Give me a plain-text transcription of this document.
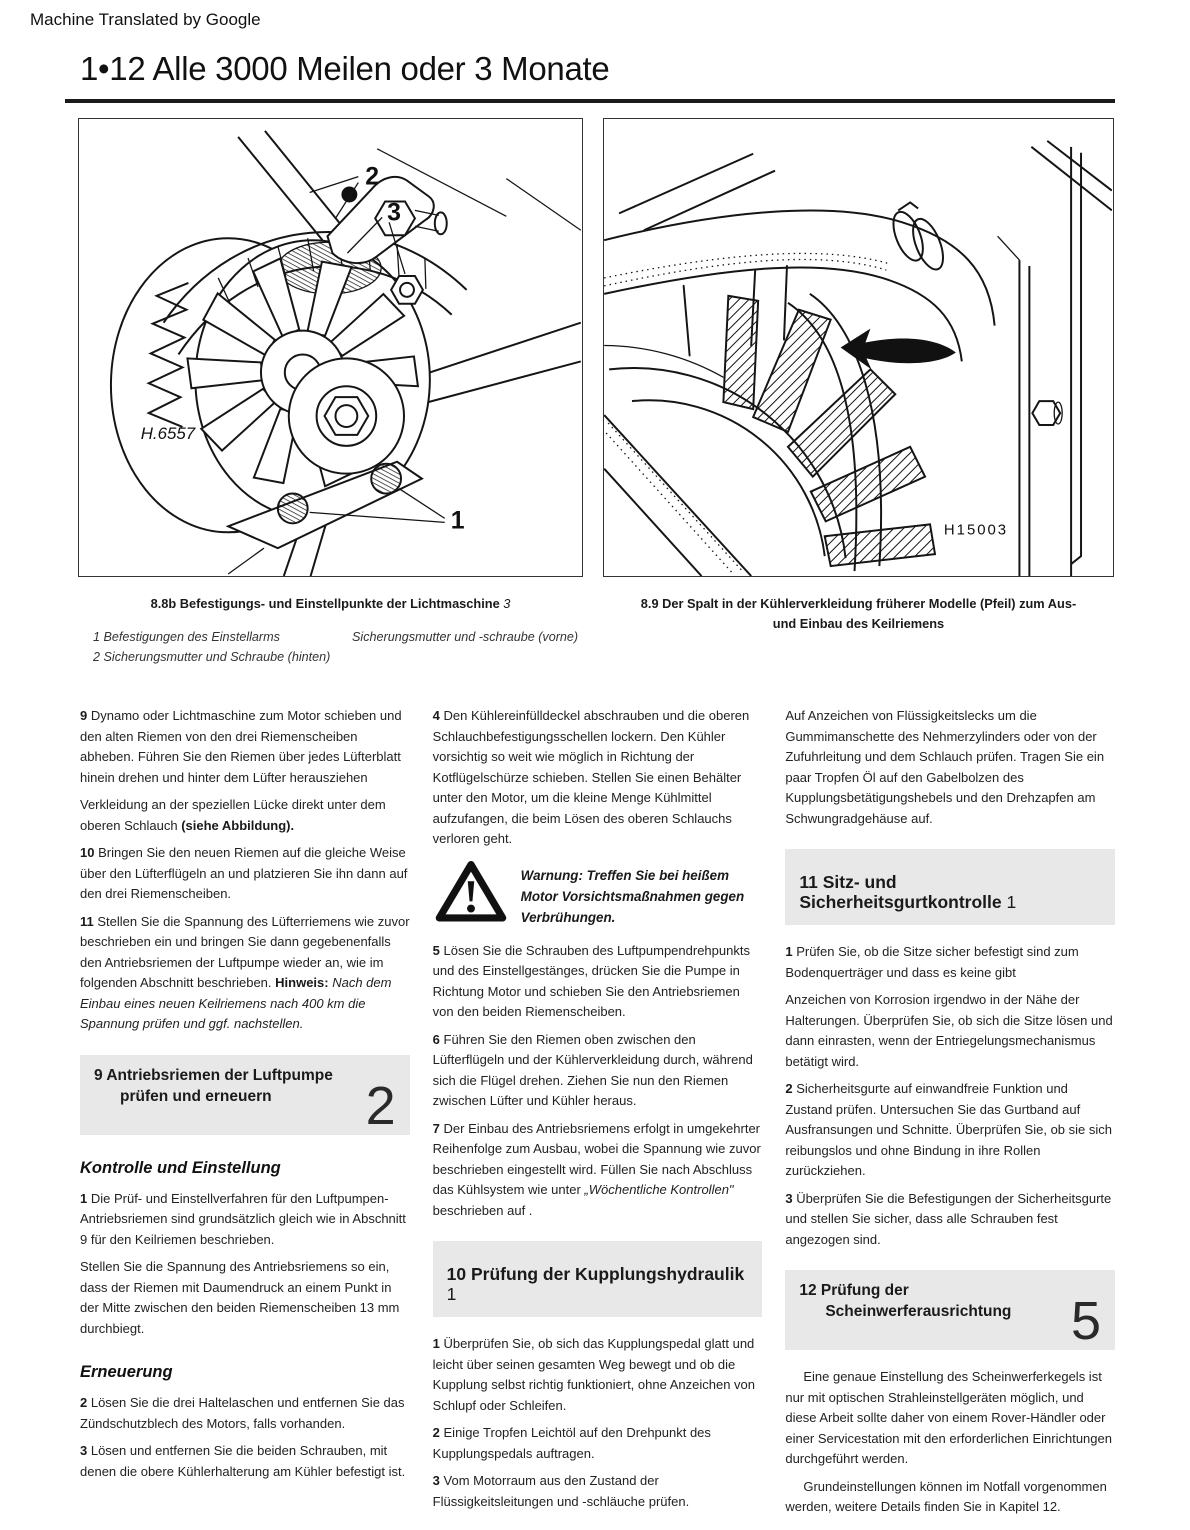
Machine Translated by Google
1•12 Alle 3000 Meilen oder 3 Monate
2
3
1
H.6557
8.8b Befestigungs- und Einstellpunkte der Lichtmaschine 3
1 Befestigungen des Einstellarms
2 Sicherungsmutter und Schraube (hinten)
Sicherungsmutter und -schraube (vorne)
H15003
8.9 Der Spalt in der Kühlerverkleidung früherer Modelle (Pfeil) zum Aus- und Einbau des Keilriemens

9 Dynamo oder Lichtmaschine zum Motor schieben und den alten Riemen von den drei Riemenscheiben abheben. Führen Sie den Riemen über jedes Lüfterblatt hinein drehen und hinter dem Lüfter herausziehen

Verkleidung an der speziellen Lücke direkt unter dem oberen Schlauch (siehe Abbildung).

10 Bringen Sie den neuen Riemen auf die gleiche Weise über den Lüfterflügeln an und platzieren Sie ihn dann auf den drei Riemenscheiben.

11 Stellen Sie die Spannung des Lüfterriemens wie zuvor beschrieben ein und bringen Sie dann gegebenenfalls den Antriebsriemen der Luftpumpe wieder an, wie im folgenden Abschnitt beschrieben. Hinweis: Nach dem Einbau eines neuen Keilriemens nach 400 km die Spannung prüfen und ggf. nachstellen.

9 Antriebsriemen der Luftpumpe
prüfen und erneuern	2
Kontrolle und Einstellung

1 Die Prüf- und Einstellverfahren für den Luftpumpen- Antriebsriemen sind grundsätzlich gleich wie in Abschnitt 9 für den Keilriemen beschrieben.

Stellen Sie die Spannung des Antriebsriemens so ein, dass der Riemen mit Daumendruck an einem Punkt in der Mitte zwischen den beiden Riemenscheiben 13 mm durchbiegt.

Erneuerung

2 Lösen Sie die drei Haltelaschen und entfernen Sie das Zündschutzblech des Motors, falls vorhanden.

3 Lösen und entfernen Sie die beiden Schrauben, mit denen die obere Kühlerhalterung am Kühler befestigt ist.

4 Den Kühlereinfülldeckel abschrauben und die oberen Schlauchbefestigungsschellen lockern. Den Kühler vorsichtig so weit wie möglich in Richtung der Kotflügelschürze schieben. Stellen Sie einen Behälter unter den Motor, um die kleine Menge Kühlmittel aufzufangen, die beim Lösen des oberen Schlauchs verloren geht.

Warnung: Treffen Sie bei heißem Motor Vorsichtsmaßnahmen gegen Verbrühungen.

5 Lösen Sie die Schrauben des Luftpumpendrehpunkts und des Einstellgestänges, drücken Sie die Pumpe in Richtung Motor und schieben Sie den Antriebsriemen von den beiden Riemenscheiben.

6 Führen Sie den Riemen oben zwischen den Lüfterflügeln und der Kühlerverkleidung durch, während sich die Flügel drehen. Ziehen Sie nun den Riemen zwischen Lüfter und Kühler heraus.

7 Der Einbau des Antriebsriemens erfolgt in umgekehrter Reihenfolge zum Ausbau, wobei die Spannung wie zuvor beschrieben eingestellt wird. Füllen Sie nach Abschluss das Kühlsystem wie unter „Wöchentliche Kontrollen" beschrieben auf .

10 Prüfung der Kupplungshydraulik 1

1 Überprüfen Sie, ob sich das Kupplungspedal glatt und leicht über seinen gesamten Weg bewegt und ob die Kupplung selbst richtig funktioniert, ohne Anzeichen von Schlupf oder Schleifen.

2 Einige Tropfen Leichtöl auf den Drehpunkt des Kupplungspedals auftragen.

3 Vom Motorraum aus den Zustand der Flüssigkeitsleitungen und -schläuche prüfen.

Auf Anzeichen von Flüssigkeitslecks um die Gummimanschette des Nehmerzylinders oder von der Zufuhrleitung und dem Schlauch prüfen. Tragen Sie ein paar Tropfen Öl auf den Gabelbolzen des Kupplungsbetätigungshebels und den Drehzapfen am Schwungradgehäuse auf.

11 Sitz- und Sicherheitsgurtkontrolle 1

1 Prüfen Sie, ob die Sitze sicher befestigt sind zum Bodenquerträger und dass es keine gibt

Anzeichen von Korrosion irgendwo in der Nähe der Halterungen. Überprüfen Sie, ob sich die Sitze lösen und dann einrasten, wenn der Entriegelungsmechanismus betätigt wird.

2 Sicherheitsgurte auf einwandfreie Funktion und Zustand prüfen. Untersuchen Sie das Gurtband auf Ausfransungen und Schnitte. Überprüfen Sie, ob sie sich reibungslos und ohne Bindung in ihre Rollen zurückziehen.

3 Überprüfen Sie die Befestigungen der Sicherheitsgurte und stellen Sie sicher, dass alle Schrauben fest angezogen sind.

12 Prüfung der
Scheinwerferausrichtung	5

Eine genaue Einstellung des Scheinwerferkegels ist nur mit optischen Strahleinstellgeräten möglich, und diese Arbeit sollte daher von einem Rover-Händler oder einer Servicestation mit den erforderlichen Einrichtungen durchgeführt werden.

Grundeinstellungen können im Notfall vorgenommen werden, weitere Details finden Sie in Kapitel 12.
